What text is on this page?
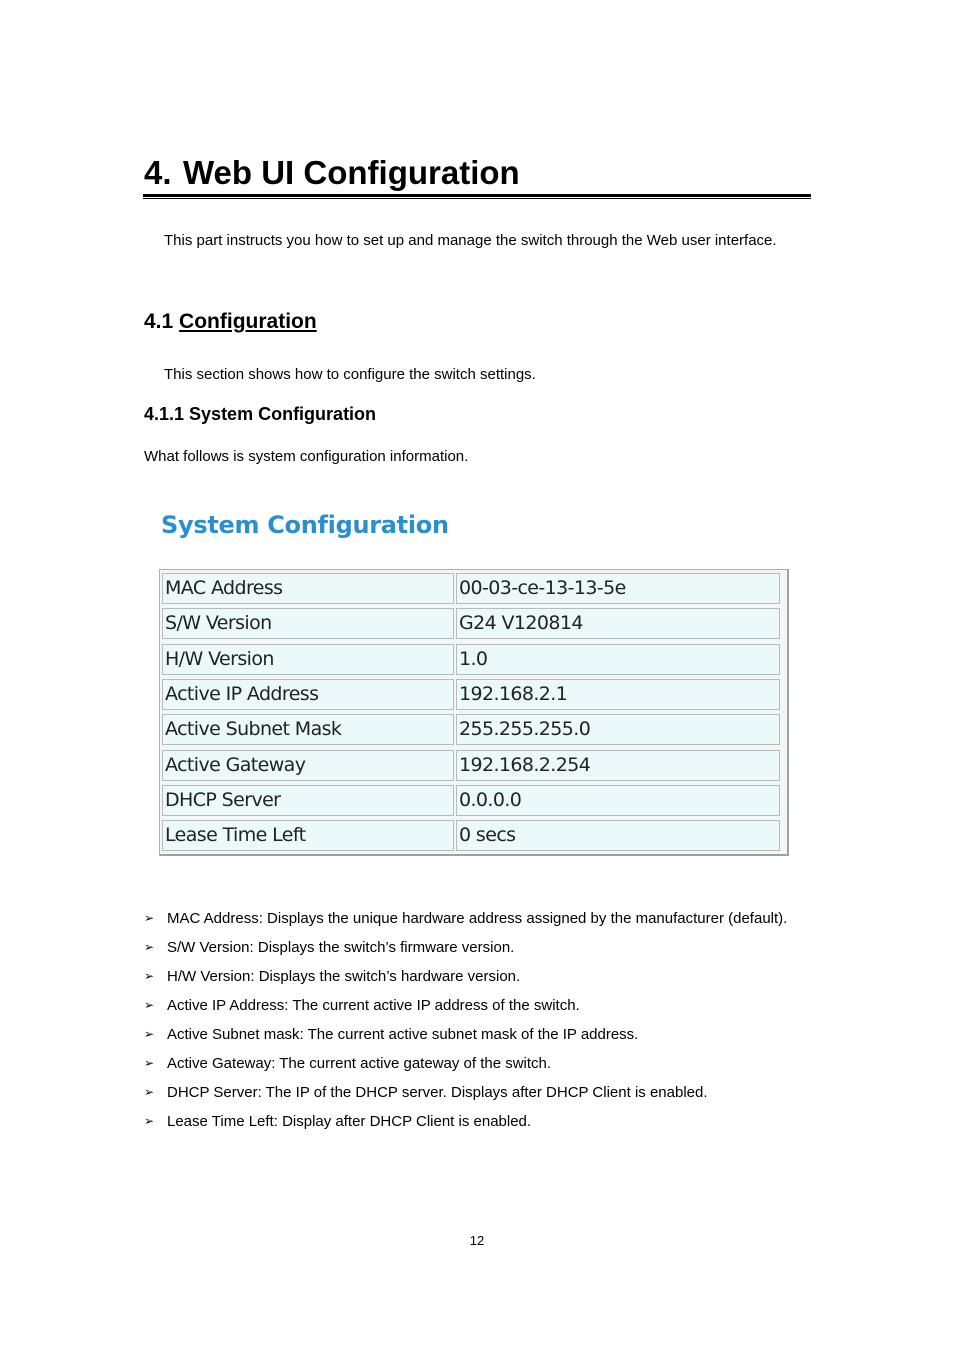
4. Web UI Configuration

This part instructs you how to set up and manage the switch through the Web user interface.

4.1 Configuration

This section shows how to configure the switch settings.

4.1.1 System Configuration

What follows is system configuration information.

System Configuration
MAC Address	00-03-ce-13-13-5e
S/W Version	G24 V120814
H/W Version	1.0
Active IP Address	192.168.2.1
Active Subnet Mask	255.255.255.0
Active Gateway	192.168.2.254
DHCP Server	0.0.0.0
Lease Time Left	0 secs
➢ MAC Address: Displays the unique hardware address assigned by the manufacturer (default).
➢ S/W Version: Displays the switch’s firmware version.
➢ H/W Version: Displays the switch’s hardware version.
➢ Active IP Address: The current active IP address of the switch.
➢ Active Subnet mask: The current active subnet mask of the IP address.
➢ Active Gateway: The current active gateway of the switch.
➢ DHCP Server: The IP of the DHCP server. Displays after DHCP Client is enabled.
➢ Lease Time Left: Display after DHCP Client is enabled.
12
